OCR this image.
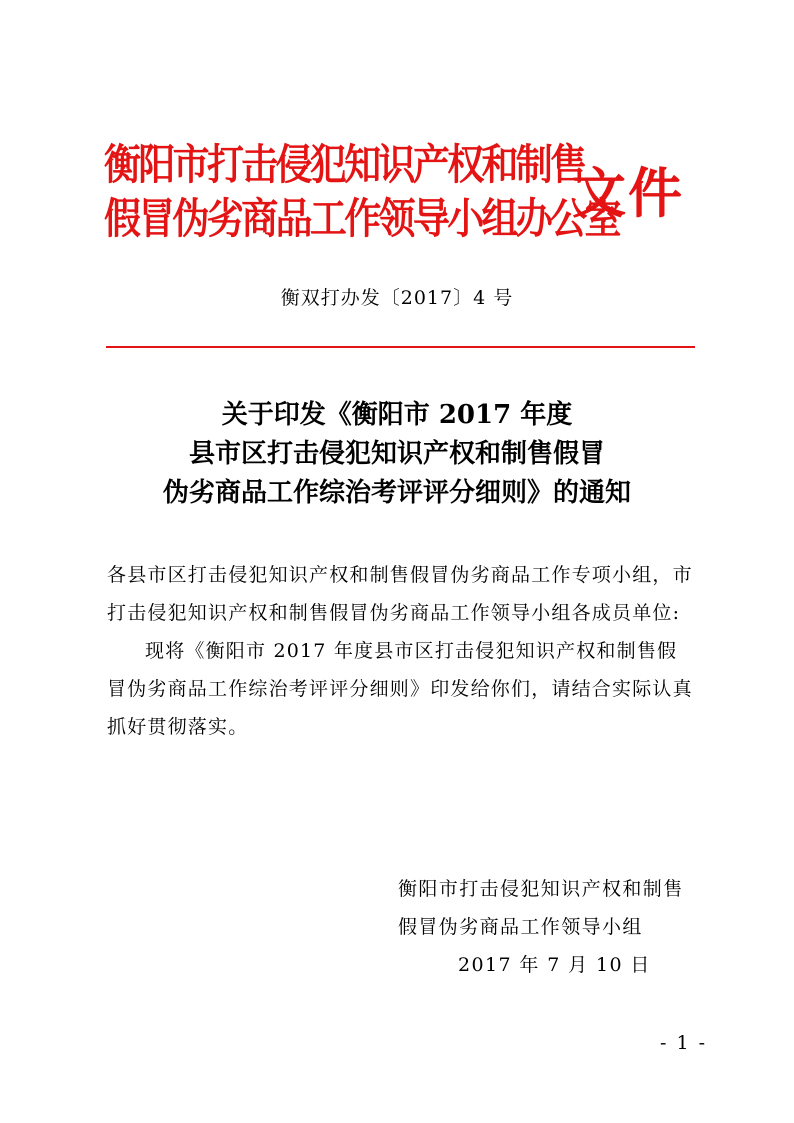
衡阳市打击侵犯知识产权和制售
假冒伪劣商品工作领导小组办公室
文件
衡双打办发〔2017〕4 号
关于印发《衡阳市 2017 年度
县市区打击侵犯知识产权和制售假冒
伪劣商品工作综治考评评分细则》的通知

各县市区打击侵犯知识产权和制售假冒伪劣商品工作专项小组，市打击侵犯知识产权和制售假冒伪劣商品工作领导小组各成员单位:

现将《衡阳市 2017 年度县市区打击侵犯知识产权和制售假冒伪劣商品工作综治考评评分细则》印发给你们，请结合实际认真抓好贯彻落实。

衡阳市打击侵犯知识产权和制售
假冒伪劣商品工作领导小组
2017 年 7 月 10 日
- 1 -
